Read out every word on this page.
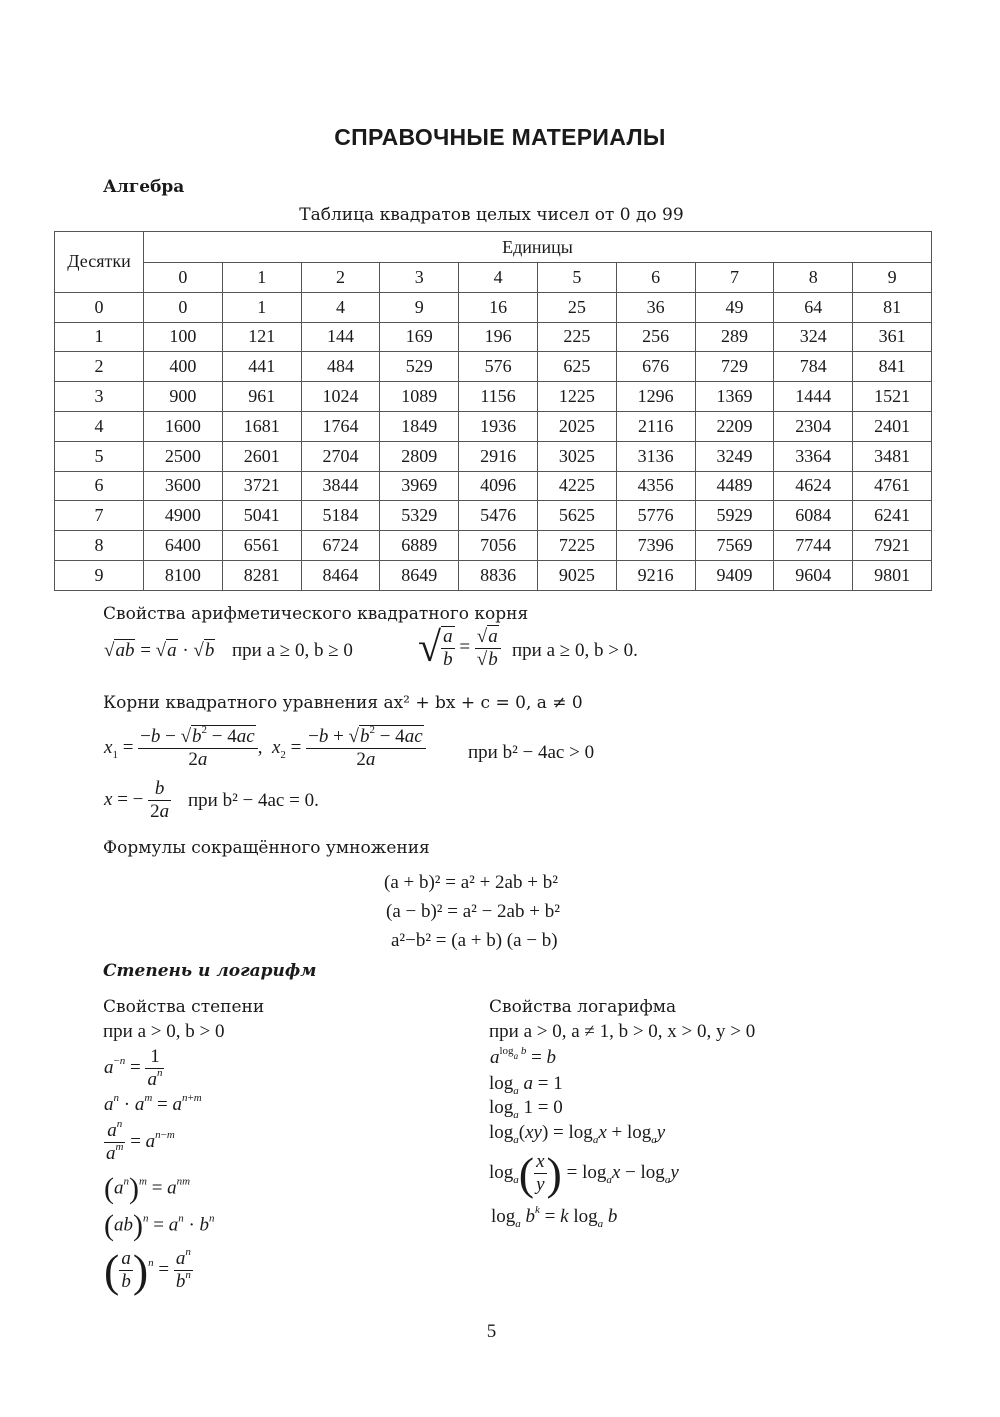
СПРАВОЧНЫЕ МАТЕРИАЛЫ
Алгебра
Таблица квадратов целых чисел от 0 до 99
Десятки	Единицы									
	0	1	2	3	4	5	6	7	8	9
0	0	1	4	9	16	25	36	49	64	81
1	100	121	144	169	196	225	256	289	324	361
2	400	441	484	529	576	625	676	729	784	841
3	900	961	1024	1089	1156	1225	1296	1369	1444	1521
4	1600	1681	1764	1849	1936	2025	2116	2209	2304	2401
5	2500	2601	2704	2809	2916	3025	3136	3249	3364	3481
6	3600	3721	3844	3969	4096	4225	4356	4489	4624	4761
7	4900	5041	5184	5329	5476	5625	5776	5929	6084	6241
8	6400	6561	6724	6889	7056	7225	7396	7569	7744	7921
9	8100	8281	8464	8649	8836	9025	9216	9409	9604	9801
Свойства арифметического квадратного корня
√ab = √a · √b при a ≥ 0, b ≥ 0 √ $\frac{a}{b} = \frac{√a}{√b}$ при a ≥ 0, b > 0.
Корни квадратного уравнения ax² + bx + c = 0, a ≠ 0
$x_1 = \frac{-b - √b^2 - 4ac}{2a}$ ,  $x_2 = \frac{-b + √b^2 - 4ac}{2a}$ при b² − 4ac > 0
x = − $\frac{b}{2a}$ при b² − 4ac = 0.
Формулы сокращённого умножения
(a + b)² = a² + 2ab + b²
(a − b)² = a² − 2ab + b²
a²−b² = (a + b) (a − b)
Степень и логарифм
Свойства степени
при a > 0, b > 0
$a^{-n} = \frac{1}{a^n}$
$a^n \cdot a^m = a^{n+m}$
$\frac{a^n}{a^m} = a^{n-m}$
$(a^n)^m = a^{nm}$
$(ab)^n = a^n \cdot b^n$
( $\frac{a}{b} )^n = \frac{a^n}{b^n}$
Свойства логарифма
при a > 0, a ≠ 1, b > 0, x > 0, y > 0
$a^{log_a b} = b$
$\log_a a = 1$
$\log_a 1 = 0$
$\log_a(xy) = \log_ax + \log_ay$
$\log_a( \frac{x}{y}$ ) = $\log_ax - \log_ay$
$\log_a b^k = k$ $\log_a b$
5
